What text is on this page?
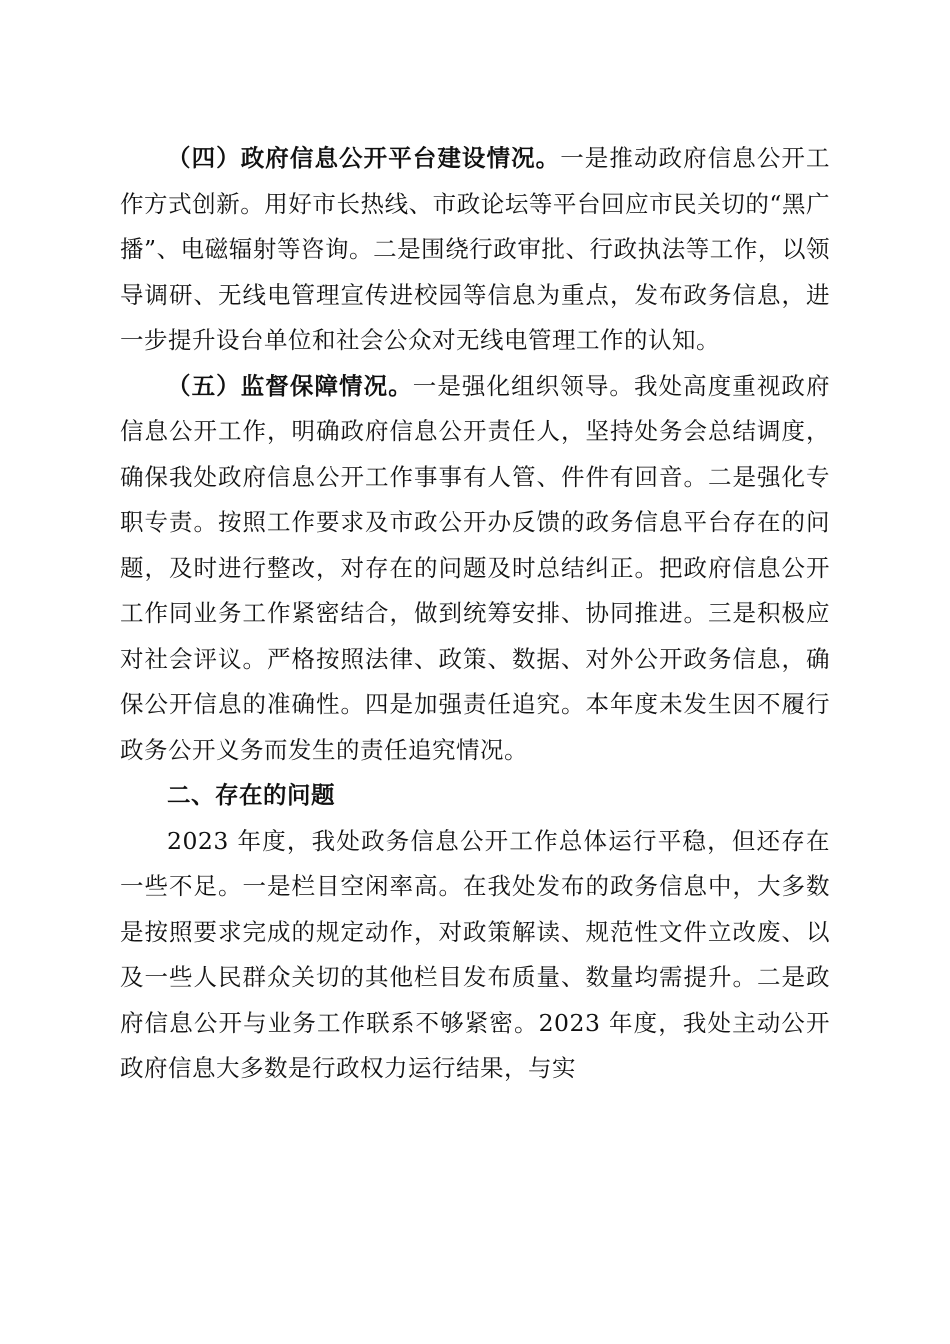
（四）政府信息公开平台建设情况。一是推动政府信息公开工作方式创新。用好市长热线、市政论坛等平台回应市民关切的“黑广播”、电磁辐射等咨询。二是围绕行政审批、行政执法等工作，以领导调研、无线电管理宣传进校园等信息为重点，发布政务信息，进一步提升设台单位和社会公众对无线电管理工作的认知。

（五）监督保障情况。一是强化组织领导。我处高度重视政府信息公开工作，明确政府信息公开责任人，坚持处务会总结调度，确保我处政府信息公开工作事事有人管、件件有回音。二是强化专职专责。按照工作要求及市政公开办反馈的政务信息平台存在的问题，及时进行整改，对存在的问题及时总结纠正。把政府信息公开工作同业务工作紧密结合，做到统筹安排、协同推进。三是积极应对社会评议。严格按照法律、政策、数据、对外公开政务信息，确保公开信息的准确性。四是加强责任追究。本年度未发生因不履行政务公开义务而发生的责任追究情况。

二、存在的问题

2023 年度，我处政务信息公开工作总体运行平稳，但还存在一些不足。一是栏目空闲率高。在我处发布的政务信息中，大多数是按照要求完成的规定动作，对政策解读、规范性文件立改废、以及一些人民群众关切的其他栏目发布质量、数量均需提升。二是政府信息公开与业务工作联系不够紧密。2023 年度，我处主动公开政府信息大多数是行政权力运行结果，与实
